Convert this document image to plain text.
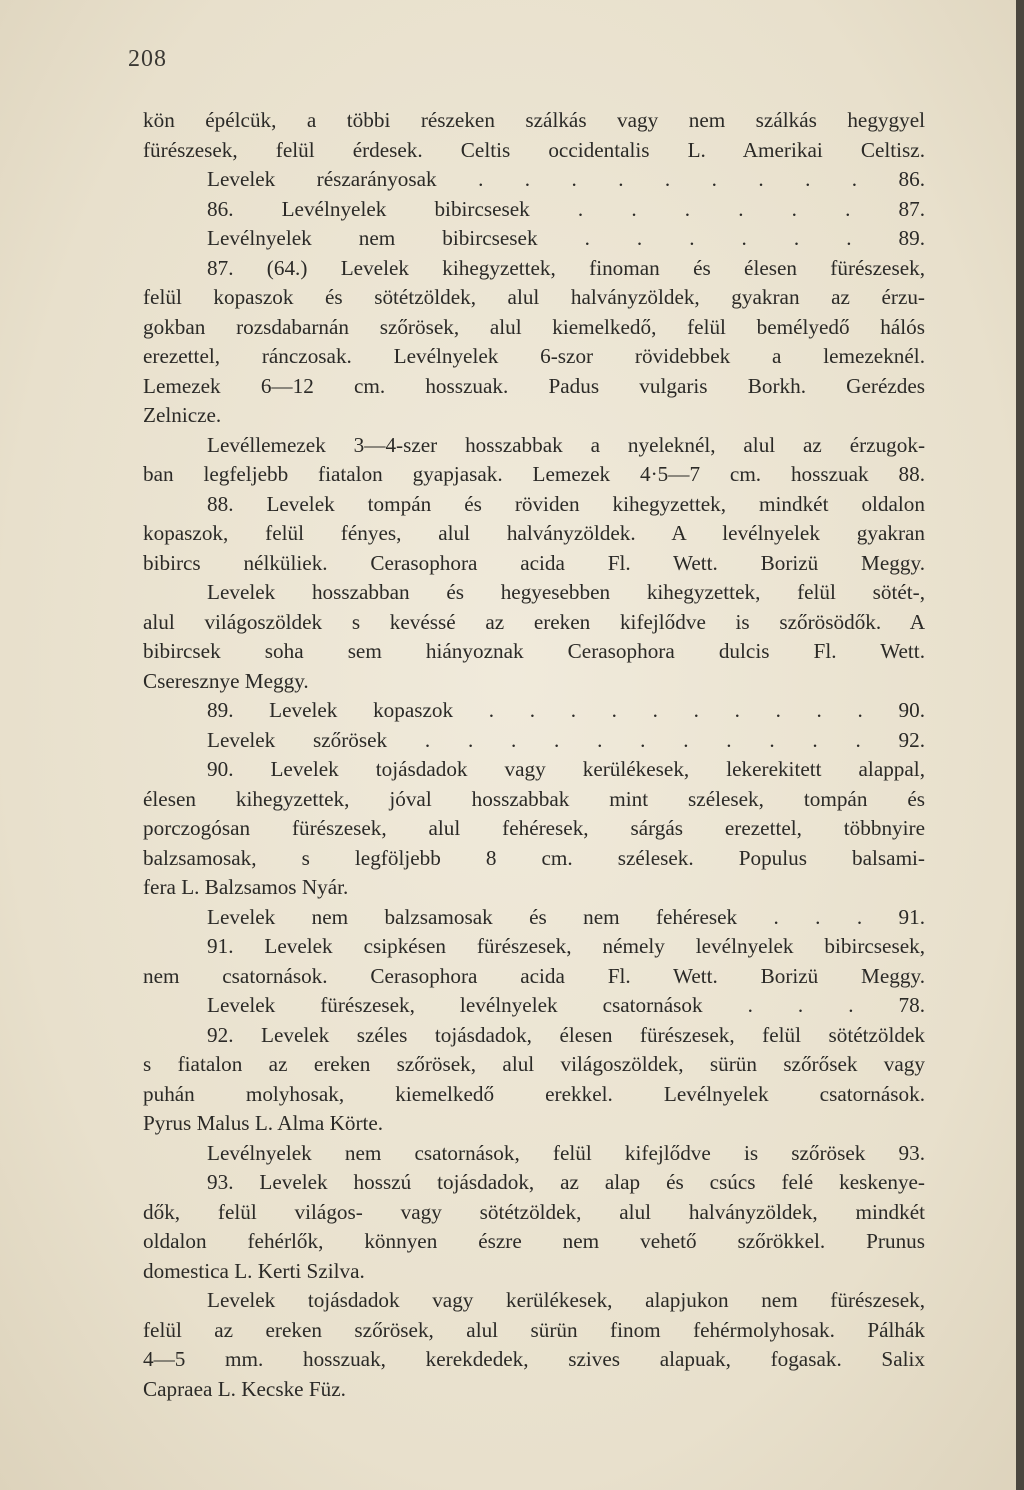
208
kön épélcük, a többi részeken szálkás vagy nem szálkás hegygyel
fürészesek, felül érdesek. Celtis occidentalis L. Amerikai Celtisz.
Levelek részarányosak . . . . . . . . . 86.
86. Levélnyelek bibircsesek . . . . . . 87.
Levélnyelek nem bibircsesek . . . . . . 89.
87. (64.) Levelek kihegyzettek, finoman és élesen fürészesek,
felül kopaszok és sötétzöldek, alul halványzöldek, gyakran az érzu-
gokban rozsdabarnán szőrösek, alul kiemelkedő, felül bemélyedő hálós
erezettel, ránczosak. Levélnyelek 6-szor rövidebbek a lemezeknél.
Lemezek 6—12 cm. hosszuak. Padus vulgaris Borkh. Gerézdes
Zelnicze.
Levéllemezek 3—4-szer hosszabbak a nyeleknél, alul az érzugok-
ban legfeljebb fiatalon gyapjasak. Lemezek 4·5—7 cm. hosszuak 88.
88. Levelek tompán és röviden kihegyzettek, mindkét oldalon
kopaszok, felül fényes, alul halványzöldek. A levélnyelek gyakran
bibircs nélküliek. Cerasophora acida Fl. Wett. Borizü Meggy.
Levelek hosszabban és hegyesebben kihegyzettek, felül sötét-,
alul világoszöldek s kevéssé az ereken kifejlődve is szőrösödők. A
bibircsek soha sem hiányoznak Cerasophora dulcis Fl. Wett.
Cseresznye Meggy.
89. Levelek kopaszok . . . . . . . . . . 90.
Levelek szőrösek . . . . . . . . . . . 92.
90. Levelek tojásdadok vagy kerülékesek, lekerekitett alappal,
élesen kihegyzettek, jóval hosszabbak mint szélesek, tompán és
porczogósan fürészesek, alul fehéresek, sárgás erezettel, többnyire
balzsamosak, s legföljebb 8 cm. szélesek. Populus balsami-
fera L. Balzsamos Nyár.
Levelek nem balzsamosak és nem fehéresek . . . 91.
91. Levelek csipkésen fürészesek, némely levélnyelek bibircsesek,
nem csatornások. Cerasophora acida Fl. Wett. Borizü Meggy.
Levelek fürészesek, levélnyelek csatornások . . . 78.
92. Levelek széles tojásdadok, élesen fürészesek, felül sötétzöldek
s fiatalon az ereken szőrösek, alul világoszöldek, sürün szőrősek vagy
puhán molyhosak, kiemelkedő erekkel. Levélnyelek csatornások.
Pyrus Malus L. Alma Körte.
Levélnyelek nem csatornások, felül kifejlődve is szőrösek 93.
93. Levelek hosszú tojásdadok, az alap és csúcs felé keskenye-
dők, felül világos- vagy sötétzöldek, alul halványzöldek, mindkét
oldalon fehérlők, könnyen észre nem vehető szőrökkel. Prunus
domestica L. Kerti Szilva.
Levelek tojásdadok vagy kerülékesek, alapjukon nem fürészesek,
felül az ereken szőrösek, alul sürün finom fehérmolyhosak. Pálhák
4—5 mm. hosszuak, kerekdedek, szives alapuak, fogasak. Salix
Capraea L. Kecske Füz.
